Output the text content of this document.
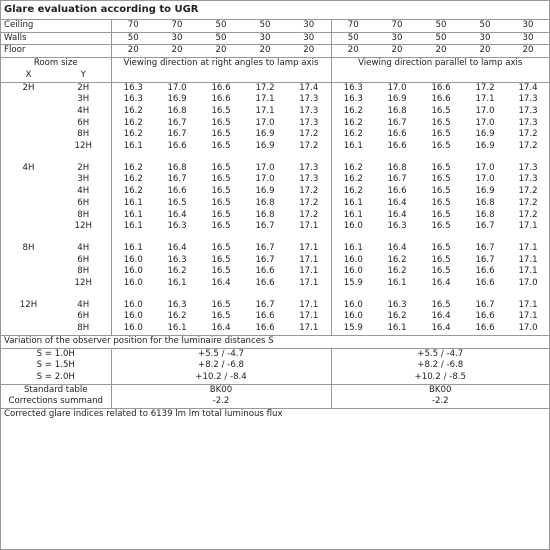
Glare evaluation according to UGR
Ceiling		70	70	50	50	30	70	70	50	50	30
Walls		50	30	50	30	30	50	30	50	30	30
Floor		20	20	20	20	20	20	20	20	20	20
Room size		Viewing direction at right angles to lamp axis					Viewing direction parallel to lamp axis				
X	Y										
2H	2H	16.3	17.0	16.6	17.2	17.4	16.3	17.0	16.6	17.2	17.4
	3H	16.3	16.9	16.6	17.1	17.3	16.3	16.9	16.6	17.1	17.3
	4H	16.2	16.8	16.5	17.1	17.3	16.2	16.8	16.5	17.0	17.3
	6H	16.2	16.7	16.5	17.0	17.3	16.2	16.7	16.5	17.0	17.3
	8H	16.2	16.7	16.5	16.9	17.2	16.2	16.6	16.5	16.9	17.2
	12H	16.1	16.6	16.5	16.9	17.2	16.1	16.6	16.5	16.9	17.2

4H	2H	16.2	16.8	16.5	17.0	17.3	16.2	16.8	16.5	17.0	17.3
	3H	16.2	16.7	16.5	17.0	17.3	16.2	16.7	16.5	17.0	17.3
	4H	16.2	16.6	16.5	16.9	17.2	16.2	16.6	16.5	16.9	17.2
	6H	16.1	16.5	16.5	16.8	17.2	16.1	16.4	16.5	16.8	17.2
	8H	16.1	16.4	16.5	16.8	17.2	16.1	16.4	16.5	16.8	17.2
	12H	16.1	16.3	16.5	16.7	17.1	16.0	16.3	16.5	16.7	17.1

8H	4H	16.1	16.4	16.5	16.7	17.1	16.1	16.4	16.5	16.7	17.1
	6H	16.0	16.3	16.5	16.7	17.1	16.0	16.2	16.5	16.7	17.1
	8H	16.0	16.2	16.5	16.6	17.1	16.0	16.2	16.5	16.6	17.1
	12H	16.0	16.1	16.4	16.6	17.1	15.9	16.1	16.4	16.6	17.0

12H	4H	16.0	16.3	16.5	16.7	17.1	16.0	16.3	16.5	16.7	17.1
	6H	16.0	16.2	16.5	16.6	17.1	16.0	16.2	16.4	16.6	17.1
	8H	16.0	16.1	16.4	16.6	17.1	15.9	16.1	16.4	16.6	17.0
Variation of the observer position for the luminaire distances S											
S = 1.0H		+5.5 / -4.7					+5.5 / -4.7				
S = 1.5H		+8.2 / -6.8					+8.2 / -6.8				
S = 2.0H		+10.2 / -8.4					+10.2 / -8.5				
Standard table		BK00					BK00				
Corrections summand		-2.2					-2.2				
Corrected glare indices related to 6139 lm lm total luminous flux											
